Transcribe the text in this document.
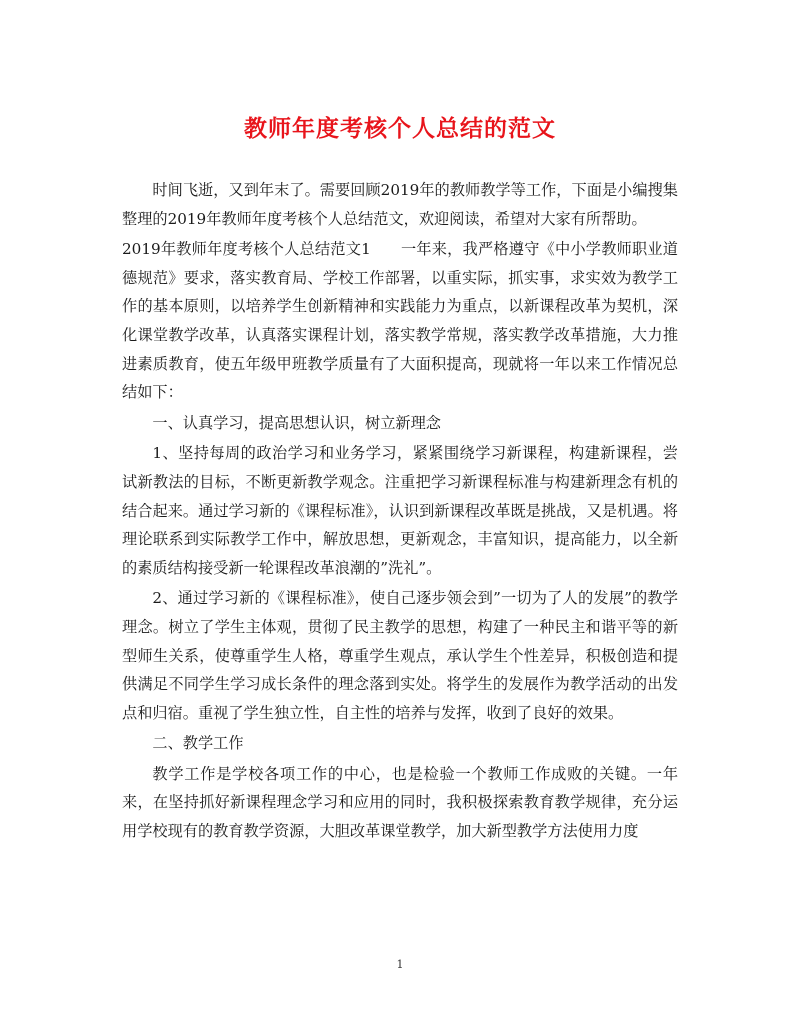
教师年度考核个人总结的范文

时间飞逝，又到年末了。需要回顾2019年的教师教学等工作，下面是小编搜集整理的2019年教师年度考核个人总结范文，欢迎阅读，希望对大家有所帮助。

2019年教师年度考核个人总结范文1 一年来，我严格遵守《中小学教师职业道德规范》要求，落实教育局、学校工作部署，以重实际，抓实事，求实效为教学工作的基本原则，以培养学生创新精神和实践能力为重点，以新课程改革为契机，深化课堂教学改革，认真落实课程计划，落实教学常规，落实教学改革措施，大力推进素质教育，使五年级甲班教学质量有了大面积提高，现就将一年以来工作情况总结如下：

一、认真学习，提高思想认识，树立新理念

1、坚持每周的政治学习和业务学习，紧紧围绕学习新课程，构建新课程，尝试新教法的目标，不断更新教学观念。注重把学习新课程标准与构建新理念有机的结合起来。通过学习新的《课程标准》，认识到新课程改革既是挑战，又是机遇。将理论联系到实际教学工作中，解放思想，更新观念，丰富知识，提高能力，以全新的素质结构接受新一轮课程改革浪潮的”洗礼”。

2、通过学习新的《课程标准》，使自己逐步领会到”一切为了人的发展”的教学理念。树立了学生主体观，贯彻了民主教学的思想，构建了一种民主和谐平等的新型师生关系，使尊重学生人格，尊重学生观点，承认学生个性差异，积极创造和提供满足不同学生学习成长条件的理念落到实处。将学生的发展作为教学活动的出发点和归宿。重视了学生独立性，自主性的培养与发挥，收到了良好的效果。

二、教学工作

教学工作是学校各项工作的中心，也是检验一个教师工作成败的关键。一年来，在坚持抓好新课程理念学习和应用的同时，我积极探索教育教学规律，充分运用学校现有的教育教学资源，大胆改革课堂教学，加大新型教学方法使用力度

1
